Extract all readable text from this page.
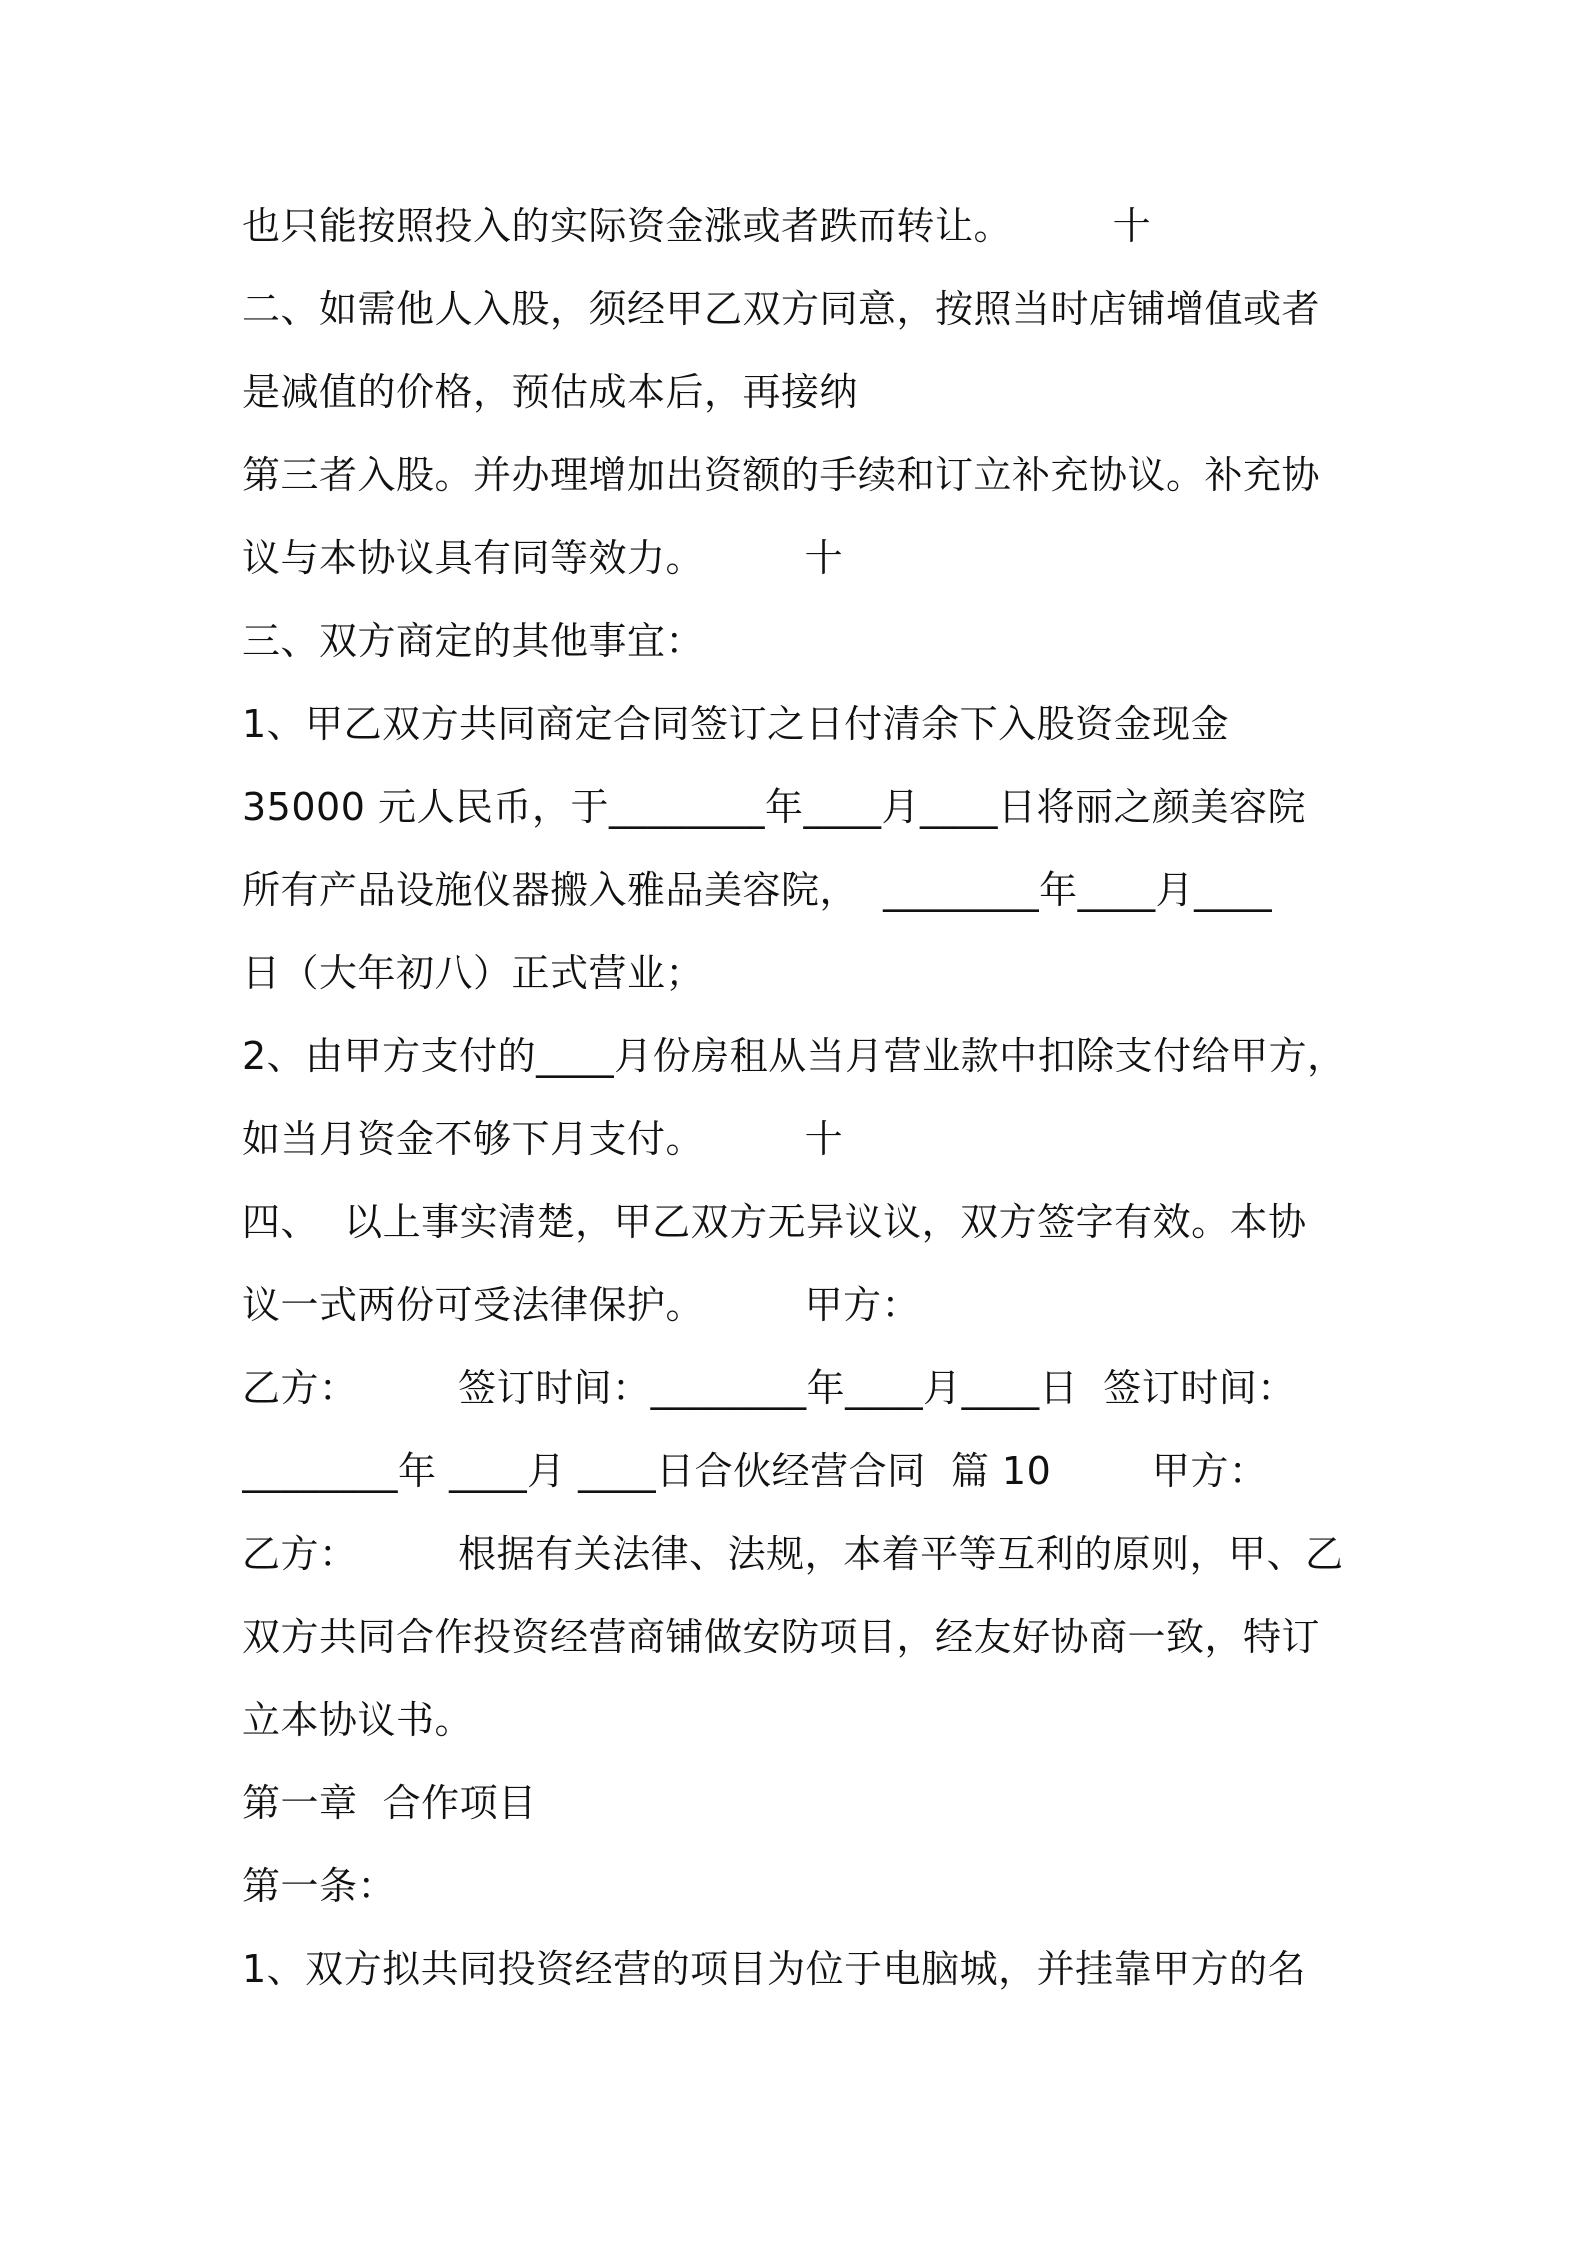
也只能按照投入的实际资金涨或者跌而转让。        十
二、如需他人入股，须经甲乙双方同意，按照当时店铺增值或者
是减值的价格，预估成本后，再接纳
第三者入股。并办理增加出资额的手续和订立补充协议。补充协
议与本协议具有同等效力。        十
三、双方商定的其他事宜：
1、甲乙双方共同商定合同签订之日付清余下入股资金现金
35000 元人民币，于________年____月____日将丽之颜美容院
所有产品设施仪器搬入雅品美容院，  ________年____月____
日（大年初八）正式营业；
2、由甲方支付的____月份房租从当月营业款中扣除支付给甲方，
如当月资金不够下月支付。        十
四、  以上事实清楚，甲乙双方无异议议，双方签字有效。本协
议一式两份可受法律保护。        甲方：
乙方：        签订时间：________年____月____日  签订时间：
________年 ____月 ____日合伙经营合同  篇 10        甲方：
乙方：        根据有关法律、法规，本着平等互利的原则，甲、乙
双方共同合作投资经营商铺做安防项目，经友好协商一致，特订
立本协议书。
第一章  合作项目
第一条：
1、双方拟共同投资经营的项目为位于电脑城，并挂靠甲方的名
